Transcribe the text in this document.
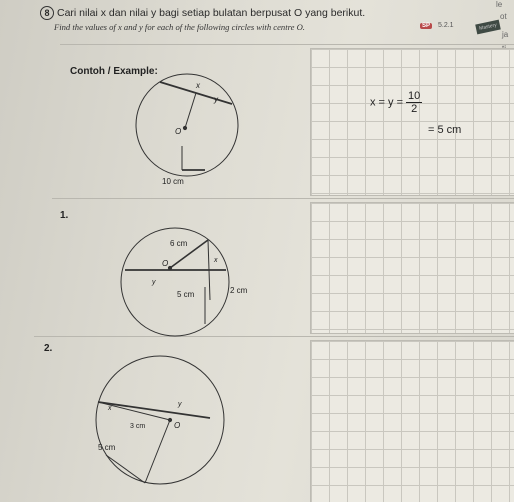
8 Cari nilai x dan nilai y bagi setiap bulatan berpusat O yang berikut.
Find the values of x and y for each of the following circles with centre O.	SP 5.2.1	Mastery
le
ot
ja
Contoh / Example:
$x = y = \frac{10}{2}$
= 5 cm
1.
2.
x
y
O
10 cm
6 cm
x
O
y
5 cm	2 cm
y
x
3 cm	O
5 cm
